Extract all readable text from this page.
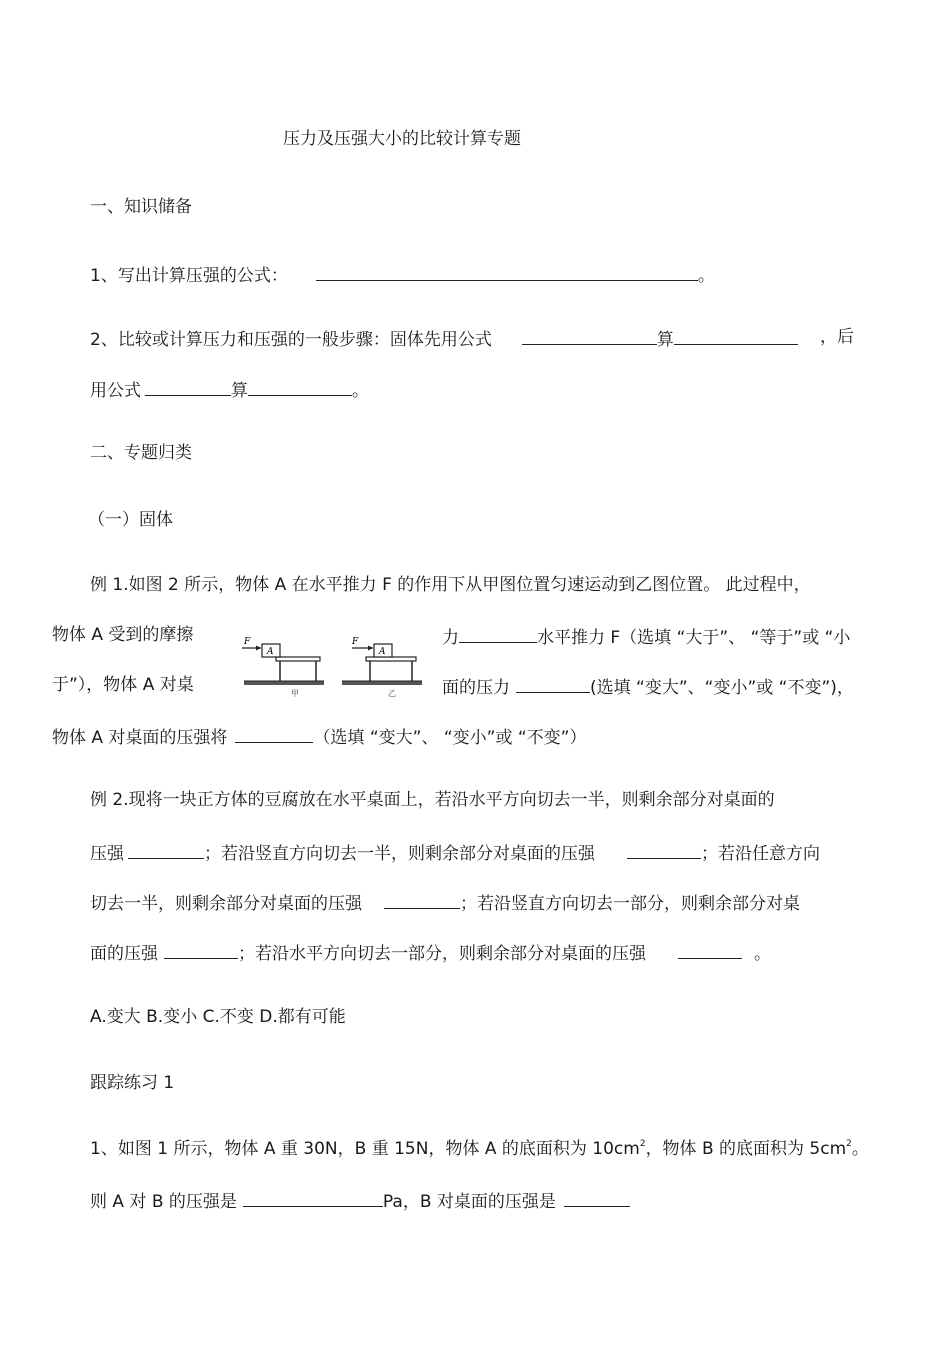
压力及压强大小的比较计算专题
一、知识储备
1、写出计算压强的公式：	。
2、比较或计算压力和压强的一般步骤：固体先用公式	算	，后
用公式	算	。
二、专题归类
（一）固体
例 1.如图 2 所示，物体 A 在水平推力 F 的作用下从甲图位置匀速运动到乙图位置。 此过程中，
物体 A 受到的摩擦	力	水平推力 F（选填 “大于”、 “等于”或 “小
于”），物体 A 对桌	面的压力	(选填 “变大”、“变小”或 “不变”)，
物体 A 对桌面的压强将	（选填 “变大”、 “变小”或 “不变”）
F
A
甲
F
A
乙
例 2.现将一块正方体的豆腐放在水平桌面上，若沿水平方向切去一半，则剩余部分对桌面的
压强	；若沿竖直方向切去一半，则剩余部分对桌面的压强	；若沿任意方向
切去一半，则剩余部分对桌面的压强	；若沿竖直方向切去一部分，则剩余部分对桌
面的压强	；若沿水平方向切去一部分，则剩余部分对桌面的压强	。
A.变大 B.变小 C.不变 D.都有可能
跟踪练习 1
1、如图 1 所示，物体 A 重 30N，B 重 15N，物体 A 的底面积为 $10cm^2$，物体 B 的底面积为 $5cm^2$。
则 A 对 B 的压强是	Pa，B 对桌面的压强是
